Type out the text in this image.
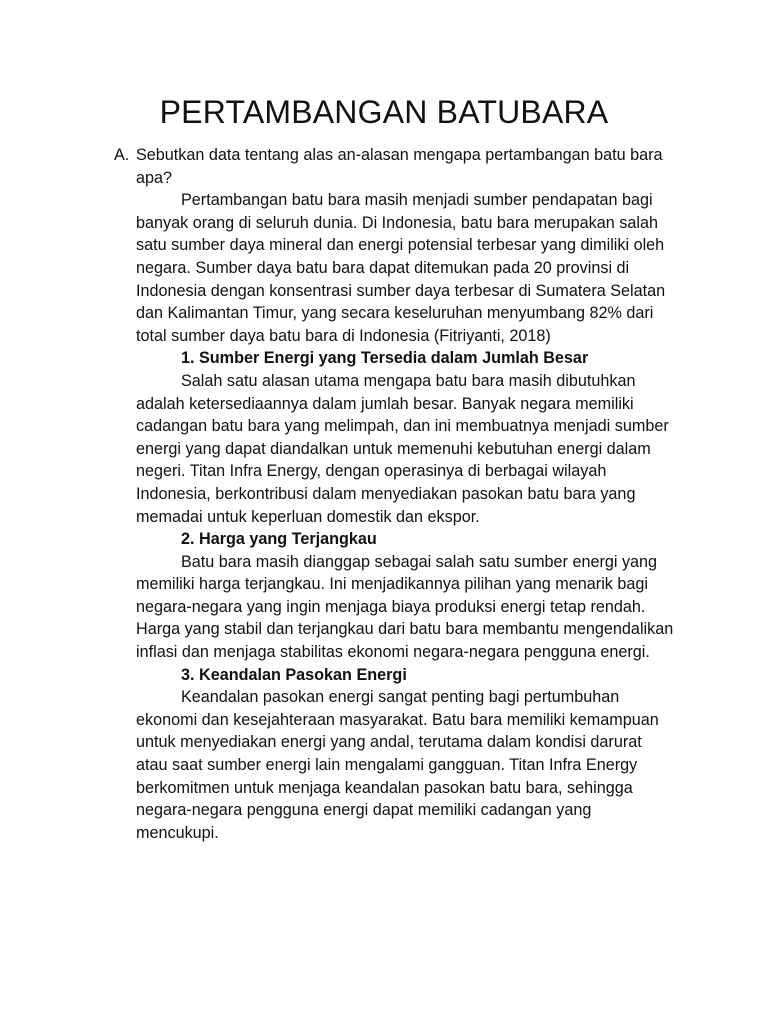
PERTAMBANGAN BATUBARA
A. Sebutkan data tentang alas an-alasan mengapa pertambangan batu bara apa?

Pertambangan batu bara masih menjadi sumber pendapatan bagi banyak orang di seluruh dunia. Di Indonesia, batu bara merupakan salah satu sumber daya mineral dan energi potensial terbesar yang dimiliki oleh negara. Sumber daya batu bara dapat ditemukan pada 20 provinsi di Indonesia dengan konsentrasi sumber daya terbesar di Sumatera Selatan dan Kalimantan Timur, yang secara keseluruhan menyumbang 82% dari total sumber daya batu bara di Indonesia (Fitriyanti, 2018)

1. Sumber Energi yang Tersedia dalam Jumlah Besar

Salah satu alasan utama mengapa batu bara masih dibutuhkan adalah ketersediaannya dalam jumlah besar. Banyak negara memiliki cadangan batu bara yang melimpah, dan ini membuatnya menjadi sumber energi yang dapat diandalkan untuk memenuhi kebutuhan energi dalam negeri. Titan Infra Energy, dengan operasinya di berbagai wilayah Indonesia, berkontribusi dalam menyediakan pasokan batu bara yang memadai untuk keperluan domestik dan ekspor.

2. Harga yang Terjangkau

Batu bara masih dianggap sebagai salah satu sumber energi yang memiliki harga terjangkau. Ini menjadikannya pilihan yang menarik bagi negara-negara yang ingin menjaga biaya produksi energi tetap rendah. Harga yang stabil dan terjangkau dari batu bara membantu mengendalikan inflasi dan menjaga stabilitas ekonomi negara-negara pengguna energi.

3. Keandalan Pasokan Energi

Keandalan pasokan energi sangat penting bagi pertumbuhan ekonomi dan kesejahteraan masyarakat. Batu bara memiliki kemampuan untuk menyediakan energi yang andal, terutama dalam kondisi darurat atau saat sumber energi lain mengalami gangguan. Titan Infra Energy berkomitmen untuk menjaga keandalan pasokan batu bara, sehingga negara-negara pengguna energi dapat memiliki cadangan yang mencukupi.
